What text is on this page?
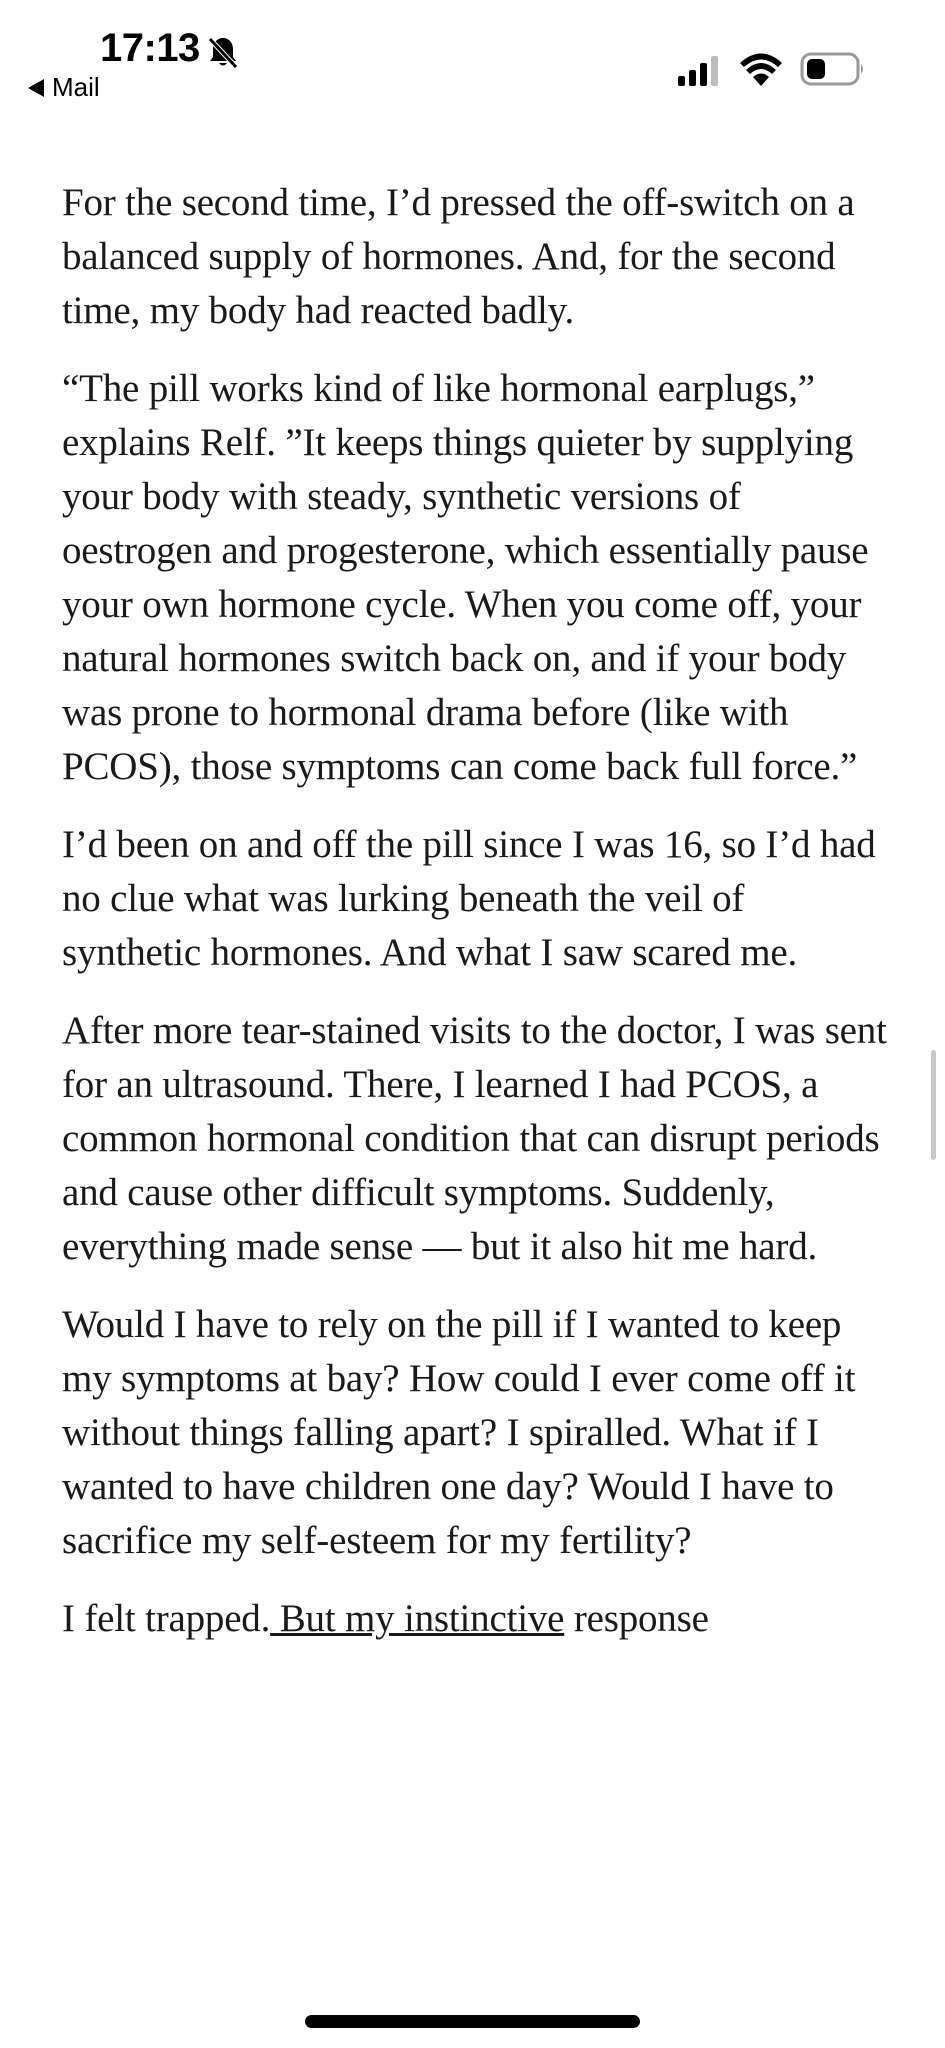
17:13
Mail

For the second time, I’d pressed the off-switch on a balanced supply of hormones. And, for the second time, my body had reacted badly.

“The pill works kind of like hormonal earplugs,” explains Relf. ”It keeps things quieter by supplying your body with steady, synthetic versions of oestrogen and progesterone, which essentially pause your own hormone cycle. When you come off, your natural hormones switch back on, and if your body was prone to hormonal drama before (like with PCOS), those symptoms can come back full force.”

I’d been on and off the pill since I was 16, so I’d had no clue what was lurking beneath the veil of synthetic hormones. And what I saw scared me.

After more tear-stained visits to the doctor, I was sent for an ultrasound. There, I learned I had PCOS, a common hormonal condition that can disrupt periods and cause other difficult symptoms. Suddenly, everything made sense — but it also hit me hard.

Would I have to rely on the pill if I wanted to keep my symptoms at bay? How could I ever come off it without things falling apart? I spiralled. What if I wanted to have children one day? Would I have to sacrifice my self-esteem for my fertility?

I felt trapped. But my instinctive response
